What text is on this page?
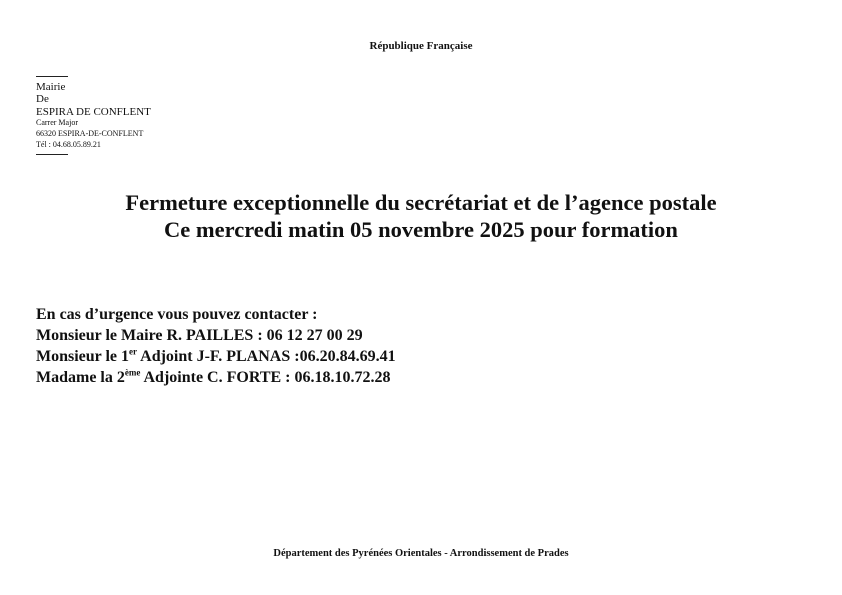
République Française
Mairie
De
ESPIRA DE CONFLENT
Carrer Major
66320 ESPIRA-DE-CONFLENT
Tél : 04.68.05.89.21
Fermeture exceptionnelle du secrétariat et de l’agence postale
Ce mercredi matin 05 novembre 2025 pour formation
En cas d’urgence vous pouvez contacter :
Monsieur le Maire R. PAILLES : 06 12 27 00 29
Monsieur le 1er Adjoint J-F. PLANAS :06.20.84.69.41
Madame la 2ème Adjointe C. FORTE : 06.18.10.72.28
Département des Pyrénées Orientales - Arrondissement de Prades
